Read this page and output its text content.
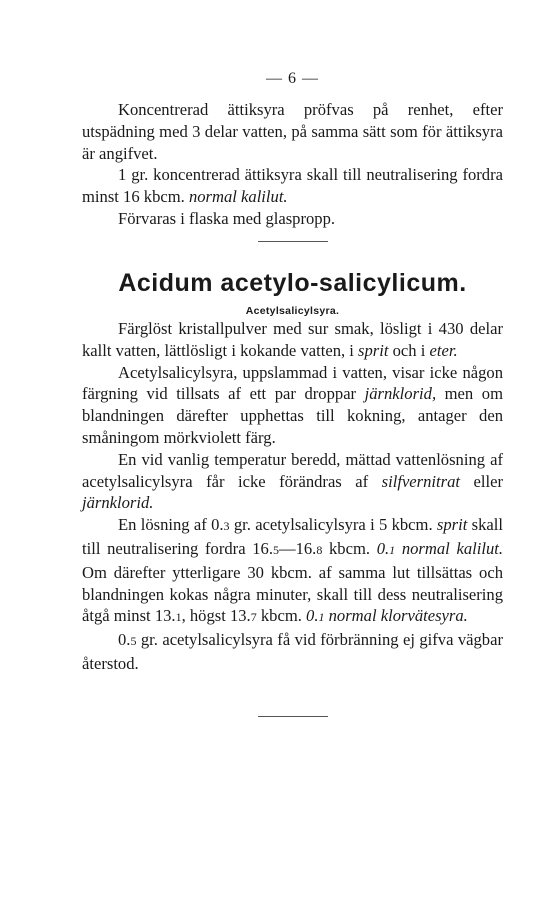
— 6 —

Koncentrerad ättiksyra pröfvas på renhet, efter utspädning med 3 delar vatten, på samma sätt som för ättiksyra är angifvet.

1 gr. koncentrerad ättiksyra skall till neutralisering fordra minst 16 kbcm. normal kalilut.

Förvaras i flaska med glaspropp.

Acidum acetylo-salicylicum.
Acetylsalicylsyra.

Färglöst kristallpulver med sur smak, lösligt i 430 delar kallt vatten, lättlösligt i kokande vatten, i sprit och i eter.

Acetylsalicylsyra, uppslammad i vatten, visar icke någon färgning vid tillsats af ett par droppar järnklorid, men om blandningen därefter upphettas till kokning, antager den småningom mörkviolett färg.

En vid vanlig temperatur beredd, mättad vattenlösning af acetylsalicylsyra får icke förändras af silfvernitrat eller järnklorid.

En lösning af 0.3 gr. acetylsalicylsyra i 5 kbcm. sprit skall till neutralisering fordra 16.5—16.8 kbcm. 0.1 normal kalilut. Om därefter ytterligare 30 kbcm. af samma lut tillsättas och blandningen kokas några minuter, skall till dess neutralisering åtgå minst 13.1, högst 13.7 kbcm. 0.1 normal klorvätesyra.

0.5 gr. acetylsalicylsyra få vid förbränning ej gifva vägbar återstod.
